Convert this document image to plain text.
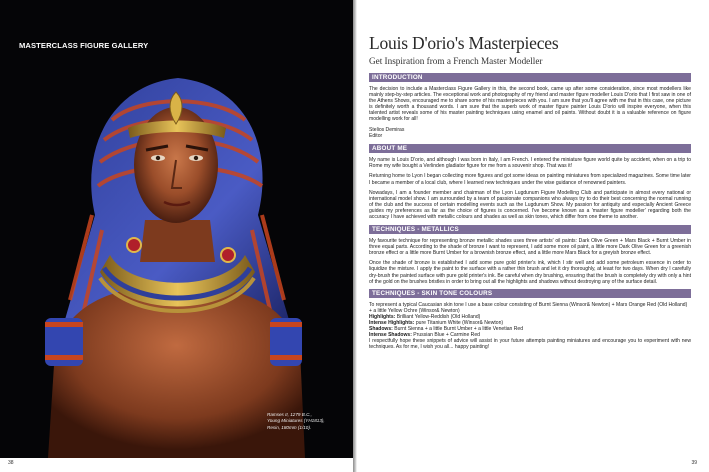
MASTERCLASS FIGURE GALLERY
Ramses II, 1279 B.C.,
Young Miniatures (YH1813),
Resin, 180mm (1/10).
38
Louis D'orio's Masterpieces
Get Inspiration from a French Master Modeller
INTRODUCTION

The decision to include a Masterclass Figure Gallery in this, the second book, came up after some consideration, since most modellers like mainly step-by-step articles. The exceptional work and photography of my friend and master figure modeller Louis D'orio that I first saw in one of the Athens Shows, encouraged me to share some of his masterpieces with you. I am sure that you'll agree with me that in this case, one picture is definitely worth a thousand words. I am sure that the superb work of master figure painter Louis D'orio will inspire everyone, when this talented artist reveals some of his master painting techniques using enamel and oil paints. Without doubt it is a valuable reference on figure modelling work for all!

Stelios Demiras
Editor
ABOUT ME

My name is Louis D'orio, and although I was born in Italy, I am French. I entered the miniature figure world quite by accident, when on a trip to Rome my wife bought a Verlinden gladiator figure for me from a souvenir shop. That was it!

Returning home to Lyon I began collecting more figures and got some ideas on painting miniatures from specialized magazines. Some time later I became a member of a local club, where I learned new techniques under the wise guidance of renowned painters.

Nowadays, I am a founder member and chairman of the Lyon Lugdunum Figure Modelling Club and participate in almost every national or international model show. I am surrounded by a team of passionate companions who always try to do their best concerning the normal running of the club and the success of certain modelling events such as the Lugdunum Show. My passion for antiquity and especially Ancient Greece guides my preferences as far as the choice of figures is concerned. I've become known as a 'master figure modeller' regarding both the accuracy I have achieved with metallic colours and shades as well as skin tones, which differ from one theme to another.

TECHNIQUES - METALLICS

My favourite technique for representing bronze metallic shades uses three artists' oil paints: Dark Olive Green + Mars Black + Burnt Umber in three equal parts. According to the shade of bronze I want to represent, I add some more oil paint, a little more Dark Olive Green for a greenish bronze effect or a little more Burnt Umber for a brownish bronze effect, and a little more Mars Black for a greyish bronze effect.

Once the shade of bronze is established I add some pure gold printer's ink, which I stir well and add some petroleum essence in order to liquidize the mixture. I apply the paint to the surface with a rather thin brush and let it dry thoroughly, at least for two days. When dry I carefully dry-brush the painted surface with pure gold printer's ink. Be careful when dry brushing, ensuring that the brush is completely dry with only a hint of the gold on the brushes bristles in order to bring out all the highlights and shadows without destroying any of the surface detail.

TECHNIQUES - SKIN TONE COLOURS
To represent a typical Caucasian skin tone I use a base colour consisting of Burnt Sienna (Winsor& Newton) + Mars Orange Red (Old Holland) + a little Yellow Ochre (Winsor& Newton)
Highlights: Brilliant Yellow-Reddish (Old Holland)
Intense Highlights: pure Titanium White (Winsor& Newton)
Shadows: Burnt Sienna + a little Burnt Umber + a little Venetian Red
Intense Shadows: Prussian Blue + Carmine Red

I respectfully hope these snippets of advice will assist in your future attempts painting miniatures and encourage you to experiment with new techniques. As for me, I wish you all... happy painting!

39
